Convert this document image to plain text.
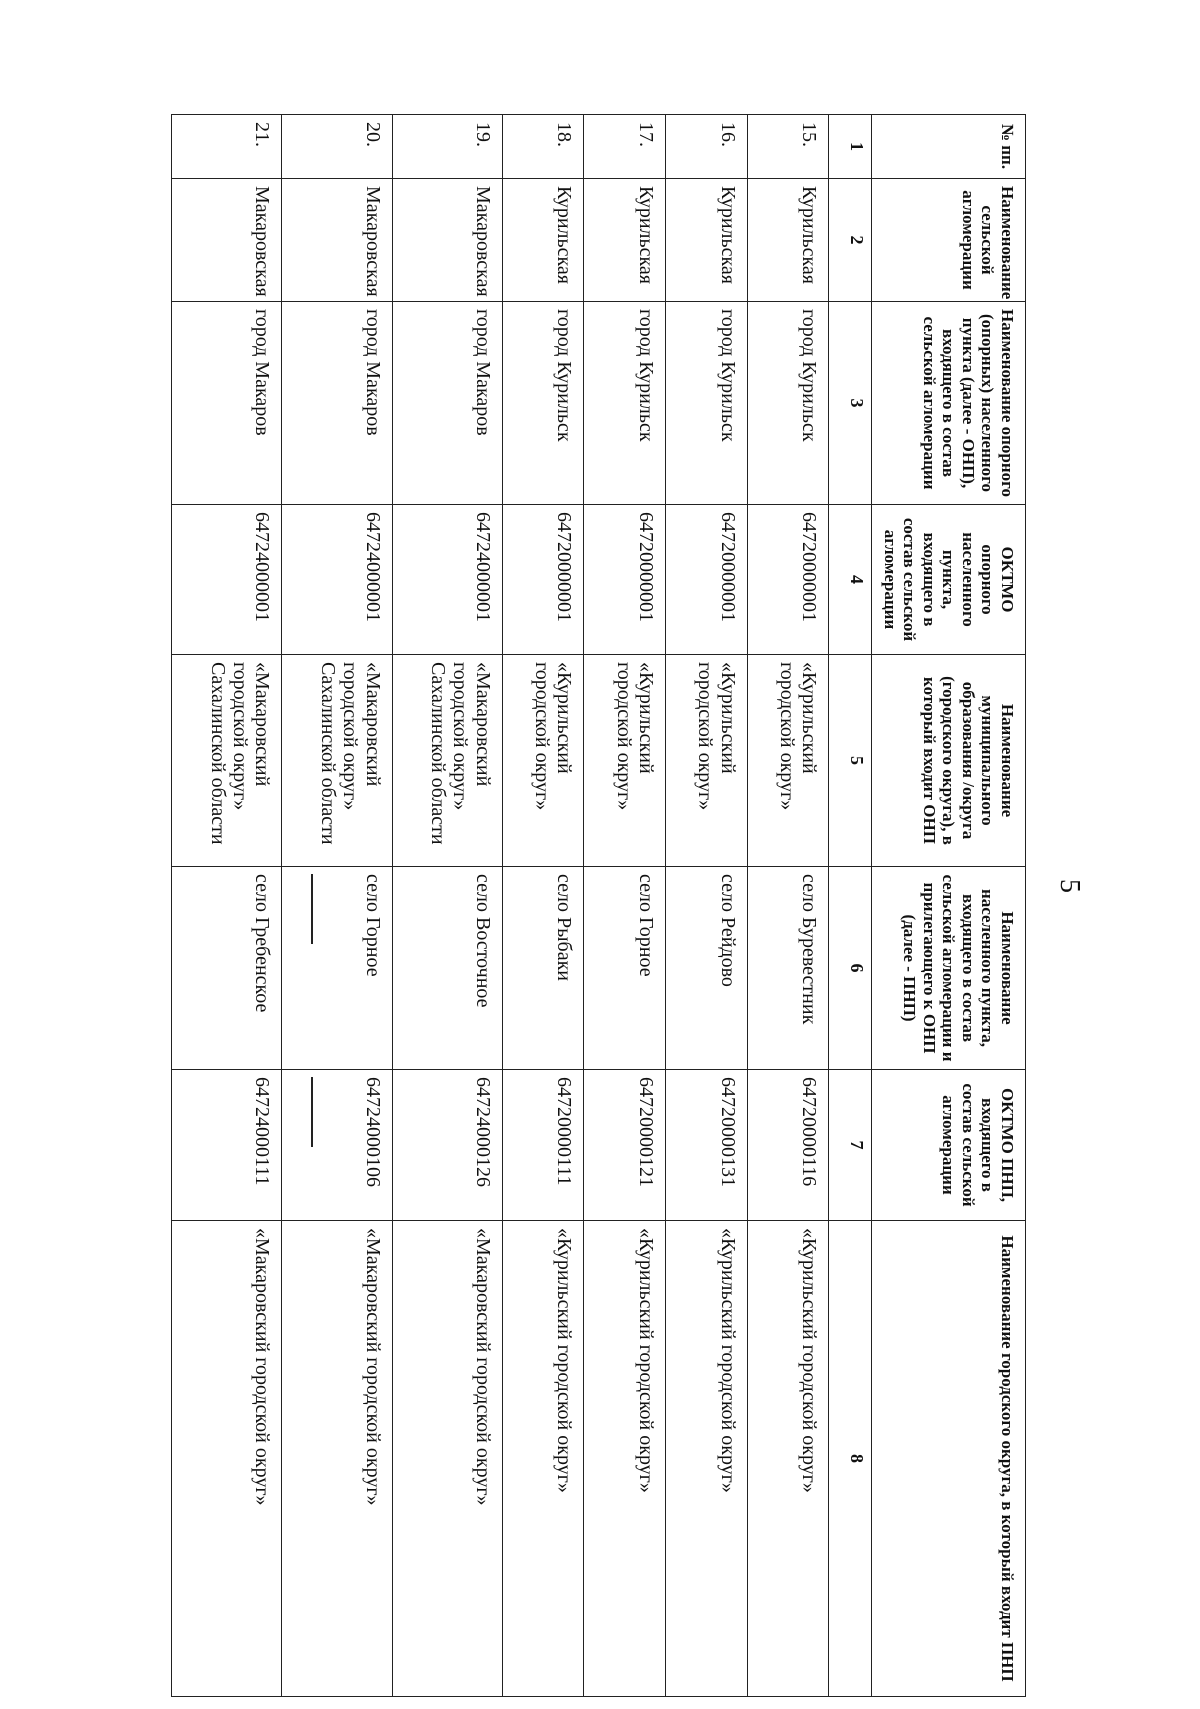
5
№ пп.	Наименование сельской агломерации	Наименование опорного (опорных) населенного пункта (далее - ОНП), входящего в состав сельской агломерации	ОКТМО опорного населенного пункта, входящего в состав сельской агломерации	Наименование муниципального образования /округа (городского округа), в который входит ОНП	Наименование населенного пункта, входящего в состав сельской агломерации и прилегающего к ОНП (далее - ПНП)	ОКТМО ПНП, входящего в состав сельской агломерации	Наименование городского округа, в который входит ПНП
1	2	3	4	5	6	7	8
15.	Курильская	город Курильск	64720000001	«Курильский городской округ»	село Буревестник	64720000116	«Курильский городской округ»
16.	Курильская	город Курильск	64720000001	«Курильский городской округ»	село Рейдово	64720000131	«Курильский городской округ»
17.	Курильская	город Курильск	64720000001	«Курильский городской округ»	село Горное	64720000121	«Курильский городской округ»
18.	Курильская	город Курильск	64720000001	«Курильский городской округ»	село Рыбаки	64720000111	«Курильский городской округ»
19.	Макаровская	город Макаров	64724000001	«Макаровский городской округ» Сахалинской области	село Восточное	64724000126	«Макаровский городской округ»
20.	Макаровская	город Макаров	64724000001	«Макаровский городской округ» Сахалинской области	село Горное	64724000106	«Макаровский городской округ»
21.	Макаровская	город Макаров	64724000001	«Макаровский городской округ» Сахалинской области	село Гребенское	64724000111	«Макаровский городской округ»
